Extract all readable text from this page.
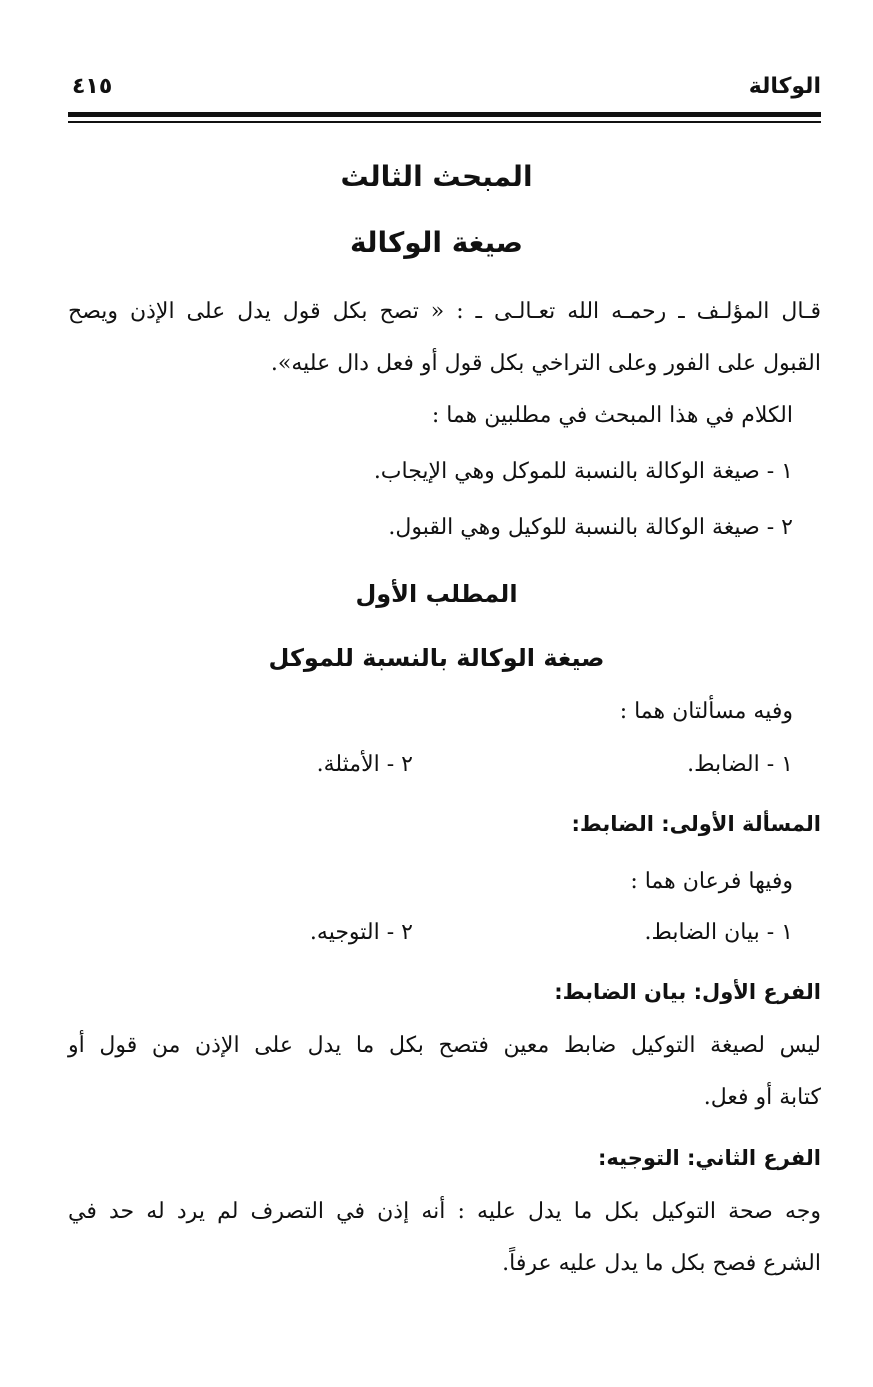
الوكالة
٤١٥
المبحث الثالث
صيغة الوكالة
قـال المؤلـف ـ رحمـه الله تعـالـى ـ : « تصح بكل قول يدل على الإذن ويصح
القبول على الفور وعلى التراخي بكل قول أو فعل دال عليه».
الكلام في هذا المبحث في مطلبين هما :
١ - صيغة الوكالة بالنسبة للموكل وهي الإيجاب.
٢ - صيغة الوكالة بالنسبة للوكيل وهي القبول.
المطلب الأول
صيغة الوكالة بالنسبة للموكل
وفيه مسألتان هما :
١ - الضابط.
٢ - الأمثلة.
المسألة الأولى: الضابط:
وفيها فرعان هما :
١ - بيان الضابط.
٢ - التوجيه.
الفرع الأول: بيان الضابط:
ليس لصيغة التوكيل ضابط معين فتصح بكل ما يدل على الإذن من قول أو
كتابة أو فعل.
الفرع الثاني: التوجيه:
وجه صحة التوكيل بكل ما يدل عليه : أنه إذن في التصرف لم يرد له حد في
الشرع فصح بكل ما يدل عليه عرفاً.
